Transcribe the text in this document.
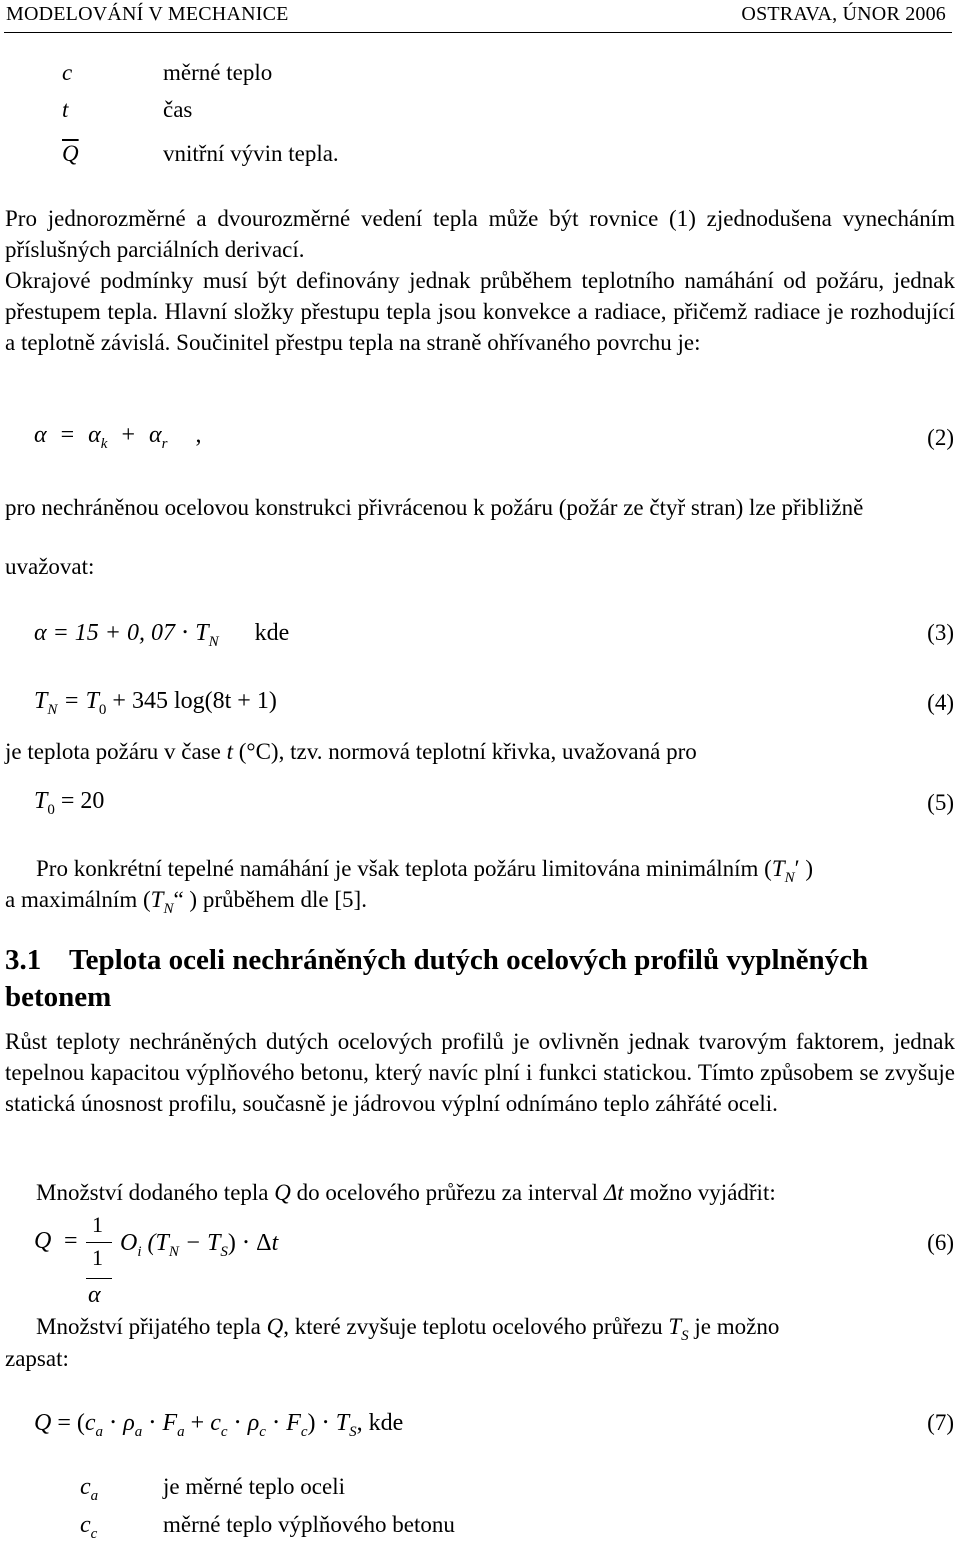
MODELOVÁNÍ V MECHANICE	OSTRAVA, ÚNOR 2006
c	měrné teplo
t	čas
$\overline{Q}$	vnitřní vývin tepla.
Pro jednorozměrné a dvourozměrné vedení tepla může být rovnice (1) zjednodušena vynecháním příslušných parciálních derivací.
Okrajové podmínky musí být definovány jednak průběhem teplotního namáhání od požáru, jednak přestupem tepla. Hlavní složky přestupu tepla jsou konvekce a radiace, přičemž radiace je rozhodující a teplotně závislá. Součinitel přestpu tepla na straně ohřívaného povrchu je:
$\alpha = \alpha_k + \alpha_r$ ,	(2)
pro nechráněnou ocelovou konstrukci přivrácenou k požáru (požár ze čtyř stran) lze přibližně
uvažovat:
α = 15 + 0, $07 \cdot T_N$ kde	(3)
$T_N = T_0 + 345$ log(8t + 1)	(4)
je teplota požáru v čase t (°C), tzv. normová teplotní křivka, uvažovaná pro
$T_0 = 20$	(5)
Pro konkrétní tepelné namáhání je však teplota požáru limitována minimálním ($T_N'$ )
a maximálním ($T_N“$ ) průběhem dle [5].
3.1 Teplota oceli nechráněných dutých ocelových profilů vyplněných betonem
Růst teploty nechráněných dutých ocelových profilů je ovlivněn jednak tvarovým faktorem, jednak tepelnou kapacitou výplňového betonu, který navíc plní i funkci statickou. Tímto způsobem se zvyšuje statická únosnost profilu, současně je jádrovou výplní odnímáno teplo záhřáté oceli.
Množství dodaného tepla Q do ocelového průřezu za interval Δt možno vyjádřit:
Q =
1
1
α
$O_i$ $(T_N - T_S) \cdot \Delta t$	(6)
Množství přijatého tepla Q, které zvyšuje teplotu ocelového průřezu $T_S$ je možno
zapsat:
$Q = (c_a \cdot \rho_a \cdot F_a + c_c \cdot \rho_c \cdot F_c) \cdot T_S$, kde	(7)
$c_a$	je měrné teplo oceli
$c_c$	měrné teplo výplňového betonu
